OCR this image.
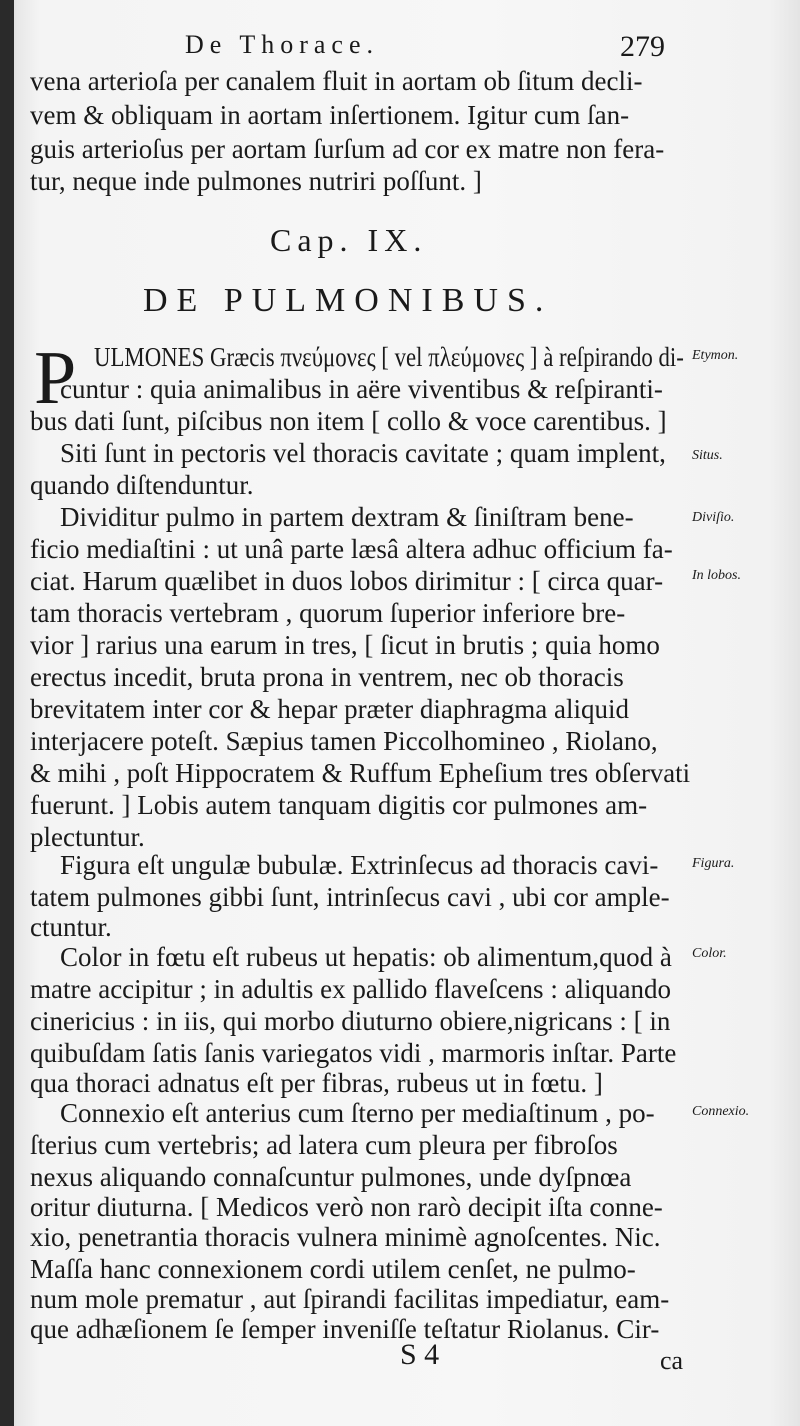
De Thorace.	279
vena arterioſa per canalem fluit in aortam ob ſitum decli-
vem & obliquam in aortam inſertionem. Igitur cum ſan-
guis arterioſus per aortam ſurſum ad cor ex matre non fera-
tur, neque inde pulmones nutriri poſſunt. ]
Cap. IX.
DE PULMONIBUS.
P ULMONES Græcis πνεύμονες [ vel πλεύμονες ] à reſpirando di-
cuntur : quia animalibus in aëre viventibus & reſpiranti-
bus dati ſunt, piſcibus non item [ collo & voce carentibus. ]
Siti ſunt in pectoris vel thoracis cavitate ; quam implent,
quando diſtenduntur.
Dividitur pulmo in partem dextram & ſiniſtram bene-
ficio mediaſtini : ut unâ parte læsâ altera adhuc officium fa-
ciat. Harum quælibet in duos lobos dirimitur : [ circa quar-
tam thoracis vertebram , quorum ſuperior inferiore bre-
vior ] rarius una earum in tres, [ ſicut in brutis ; quia homo
erectus incedit, bruta prona in ventrem, nec ob thoracis
brevitatem inter cor & hepar præter diaphragma aliquid
interjacere poteſt. Sæpius tamen Piccolhomineo , Riolano,
& mihi , poſt Hippocratem & Ruffum Epheſium tres obſervati
fuerunt. ] Lobis autem tanquam digitis cor pulmones am-
plectuntur.
Figura eſt ungulæ bubulæ. Extrinſecus ad thoracis cavi-
tatem pulmones gibbi ſunt, intrinſecus cavi , ubi cor amplе-
ctuntur.
Color in fœtu eſt rubeus ut hepatis: ob alimentum,quod à
matre accipitur ; in adultis ex pallido flaveſcens : aliquando
cinericius : in iis, qui morbo diuturno obiere,nigricans : [ in
quibuſdam ſatis ſanis variegatos vidi , marmoris inſtar. Parte
qua thoraci adnatus eſt per fibras, rubeus ut in fœtu. ]
Connexio eſt anterius cum ſterno per mediaſtinum , po-
ſterius cum vertebris; ad latera cum pleura per fibroſos
nexus aliquando connaſcuntur pulmones, unde dyſpnœa
oritur diuturna. [ Medicos verò non rarò decipit iſta conne-
xio, penetrantia thoracis vulnera minimè agnoſcentes. Nic.
Maſſa hanc connexionem cordi utilem cenſet, ne pulmo-
num mole prematur , aut ſpirandi facilitas impediatur, eam-
que adhæſionem ſe ſemper inveniſſe teſtatur Riolanus. Cir-
Etymon.
Situs.
Diviſio.
In lobos.
Figura.
Color.
Connexio.
S 4	ca
